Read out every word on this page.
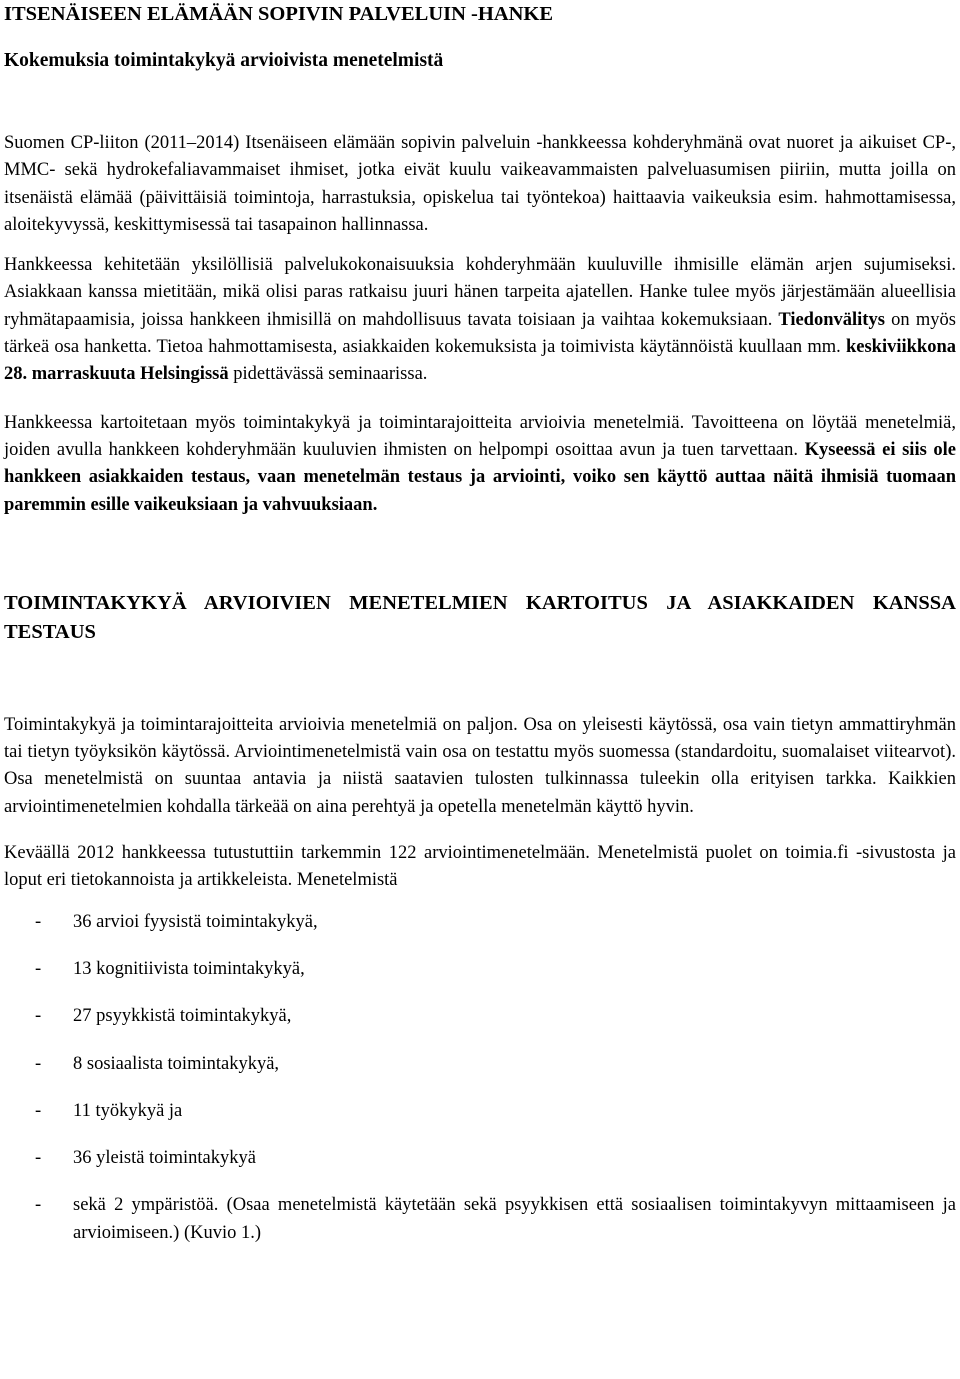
ITSENÄISEEN ELÄMÄÄN SOPIVIN PALVELUIN -HANKE
Kokemuksia toimintakykyä arvioivista menetelmistä

Suomen CP-liiton (2011–2014) Itsenäiseen elämään sopivin palveluin -hankkeessa kohderyhmänä ovat nuoret ja aikuiset CP-, MMC- sekä hydrokefaliavammaiset ihmiset, jotka eivät kuulu vaikeavammaisten palveluasumisen piiriin, mutta joilla on itsenäistä elämää (päivittäisiä toimintoja, harrastuksia, opiskelua tai työntekoa) haittaavia vaikeuksia esim. hahmottamisessa, aloitekyvyssä, keskittymisessä tai tasapainon hallinnassa.

Hankkeessa kehitetään yksilöllisiä palvelukokonaisuuksia kohderyhmään kuuluville ihmisille elämän arjen sujumiseksi. Asiakkaan kanssa mietitään, mikä olisi paras ratkaisu juuri hänen tarpeita ajatellen. Hanke tulee myös järjestämään alueellisia ryhmätapaamisia, joissa hankkeen ihmisillä on mahdollisuus tavata toisiaan ja vaihtaa kokemuksiaan. Tiedonvälitys on myös tärkeä osa hanketta. Tietoa hahmottamisesta, asiakkaiden kokemuksista ja toimivista käytännöistä kuullaan mm. keskiviikkona 28. marraskuuta Helsingissä pidettävässä seminaarissa.

Hankkeessa kartoitetaan myös toimintakykyä ja toimintarajoitteita arvioivia menetelmiä. Tavoitteena on löytää menetelmiä, joiden avulla hankkeen kohderyhmään kuuluvien ihmisten on helpompi osoittaa avun ja tuen tarvettaan. Kyseessä ei siis ole hankkeen asiakkaiden testaus, vaan menetelmän testaus ja arviointi, voiko sen käyttö auttaa näitä ihmisiä tuomaan paremmin esille vaikeuksiaan ja vahvuuksiaan.

TOIMINTAKYKYÄ ARVIOIVIEN MENETELMIEN KARTOITUS JA ASIAKKAIDEN KANSSA TESTAUS

Toimintakykyä ja toimintarajoitteita arvioivia menetelmiä on paljon. Osa on yleisesti käytössä, osa vain tietyn ammattiryhmän tai tietyn työyksikön käytössä. Arviointimenetelmistä vain osa on testattu myös suomessa (standardoitu, suomalaiset viitearvot). Osa menetelmistä on suuntaa antavia ja niistä saatavien tulosten tulkinnassa tuleekin olla erityisen tarkka. Kaikkien arviointimenetelmien kohdalla tärkeää on aina perehtyä ja opetella menetelmän käyttö hyvin.

Keväällä 2012 hankkeessa tutustuttiin tarkemmin 122 arviointimenetelmään. Menetelmistä puolet on toimia.fi -sivustosta ja loput eri tietokannoista ja artikkeleista. Menetelmistä

- 36 arvioi fyysistä toimintakykyä,
- 13 kognitiivista toimintakykyä,
- 27 psyykkistä toimintakykyä,
- 8 sosiaalista toimintakykyä,
- 11 työkykyä ja
- 36 yleistä toimintakykyä
- sekä 2 ympäristöä. (Osaa menetelmistä käytetään sekä psyykkisen että sosiaalisen toimintakyvyn mittaamiseen ja arvioimiseen.) (Kuvio 1.)
